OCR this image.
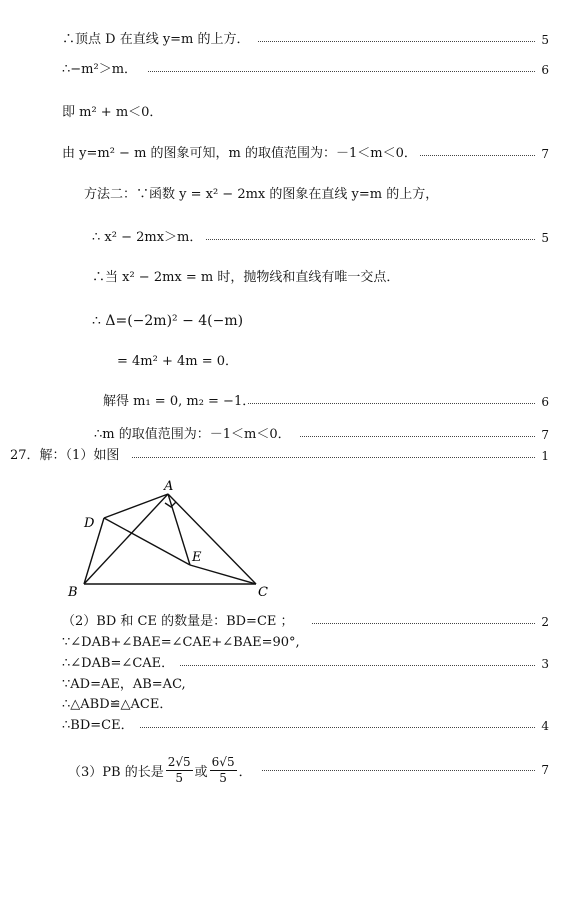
∴顶点 D 在直线 y=m 的上方．	5
∴−m²＞m．	6
即 m² + m＜0．
由 y=m² − m 的图象可知，m 的取值范围为：－1＜m＜0．	7
方法二：∵函数 y = x² − 2mx 的图象在直线 y=m 的上方，
∴ x² − 2mx＞m．	5
∴当 x² − 2mx = m 时，抛物线和直线有唯一交点．
∴ Δ=(−2m)² − 4(−m)
= 4m² + 4m = 0．
解得 m₁ = 0, m₂ = −1．	6
∴m 的取值范围为：－1＜m＜0．	7
27．解：（1）如图	1
A
D
E
B	C
（2）BD 和 CE 的数量是：BD=CE ；	2
∵∠DAB+∠BAE=∠CAE+∠BAE=90°,
∴∠DAB=∠CAE．	3
∵AD=AE，AB=AC,
∴△ABD≌△ACE．
∴BD=CE．	4
（3）PB 的长是 $\frac{2√5}{5}$ 或 $\frac{6√5}{5}$ ．	7
